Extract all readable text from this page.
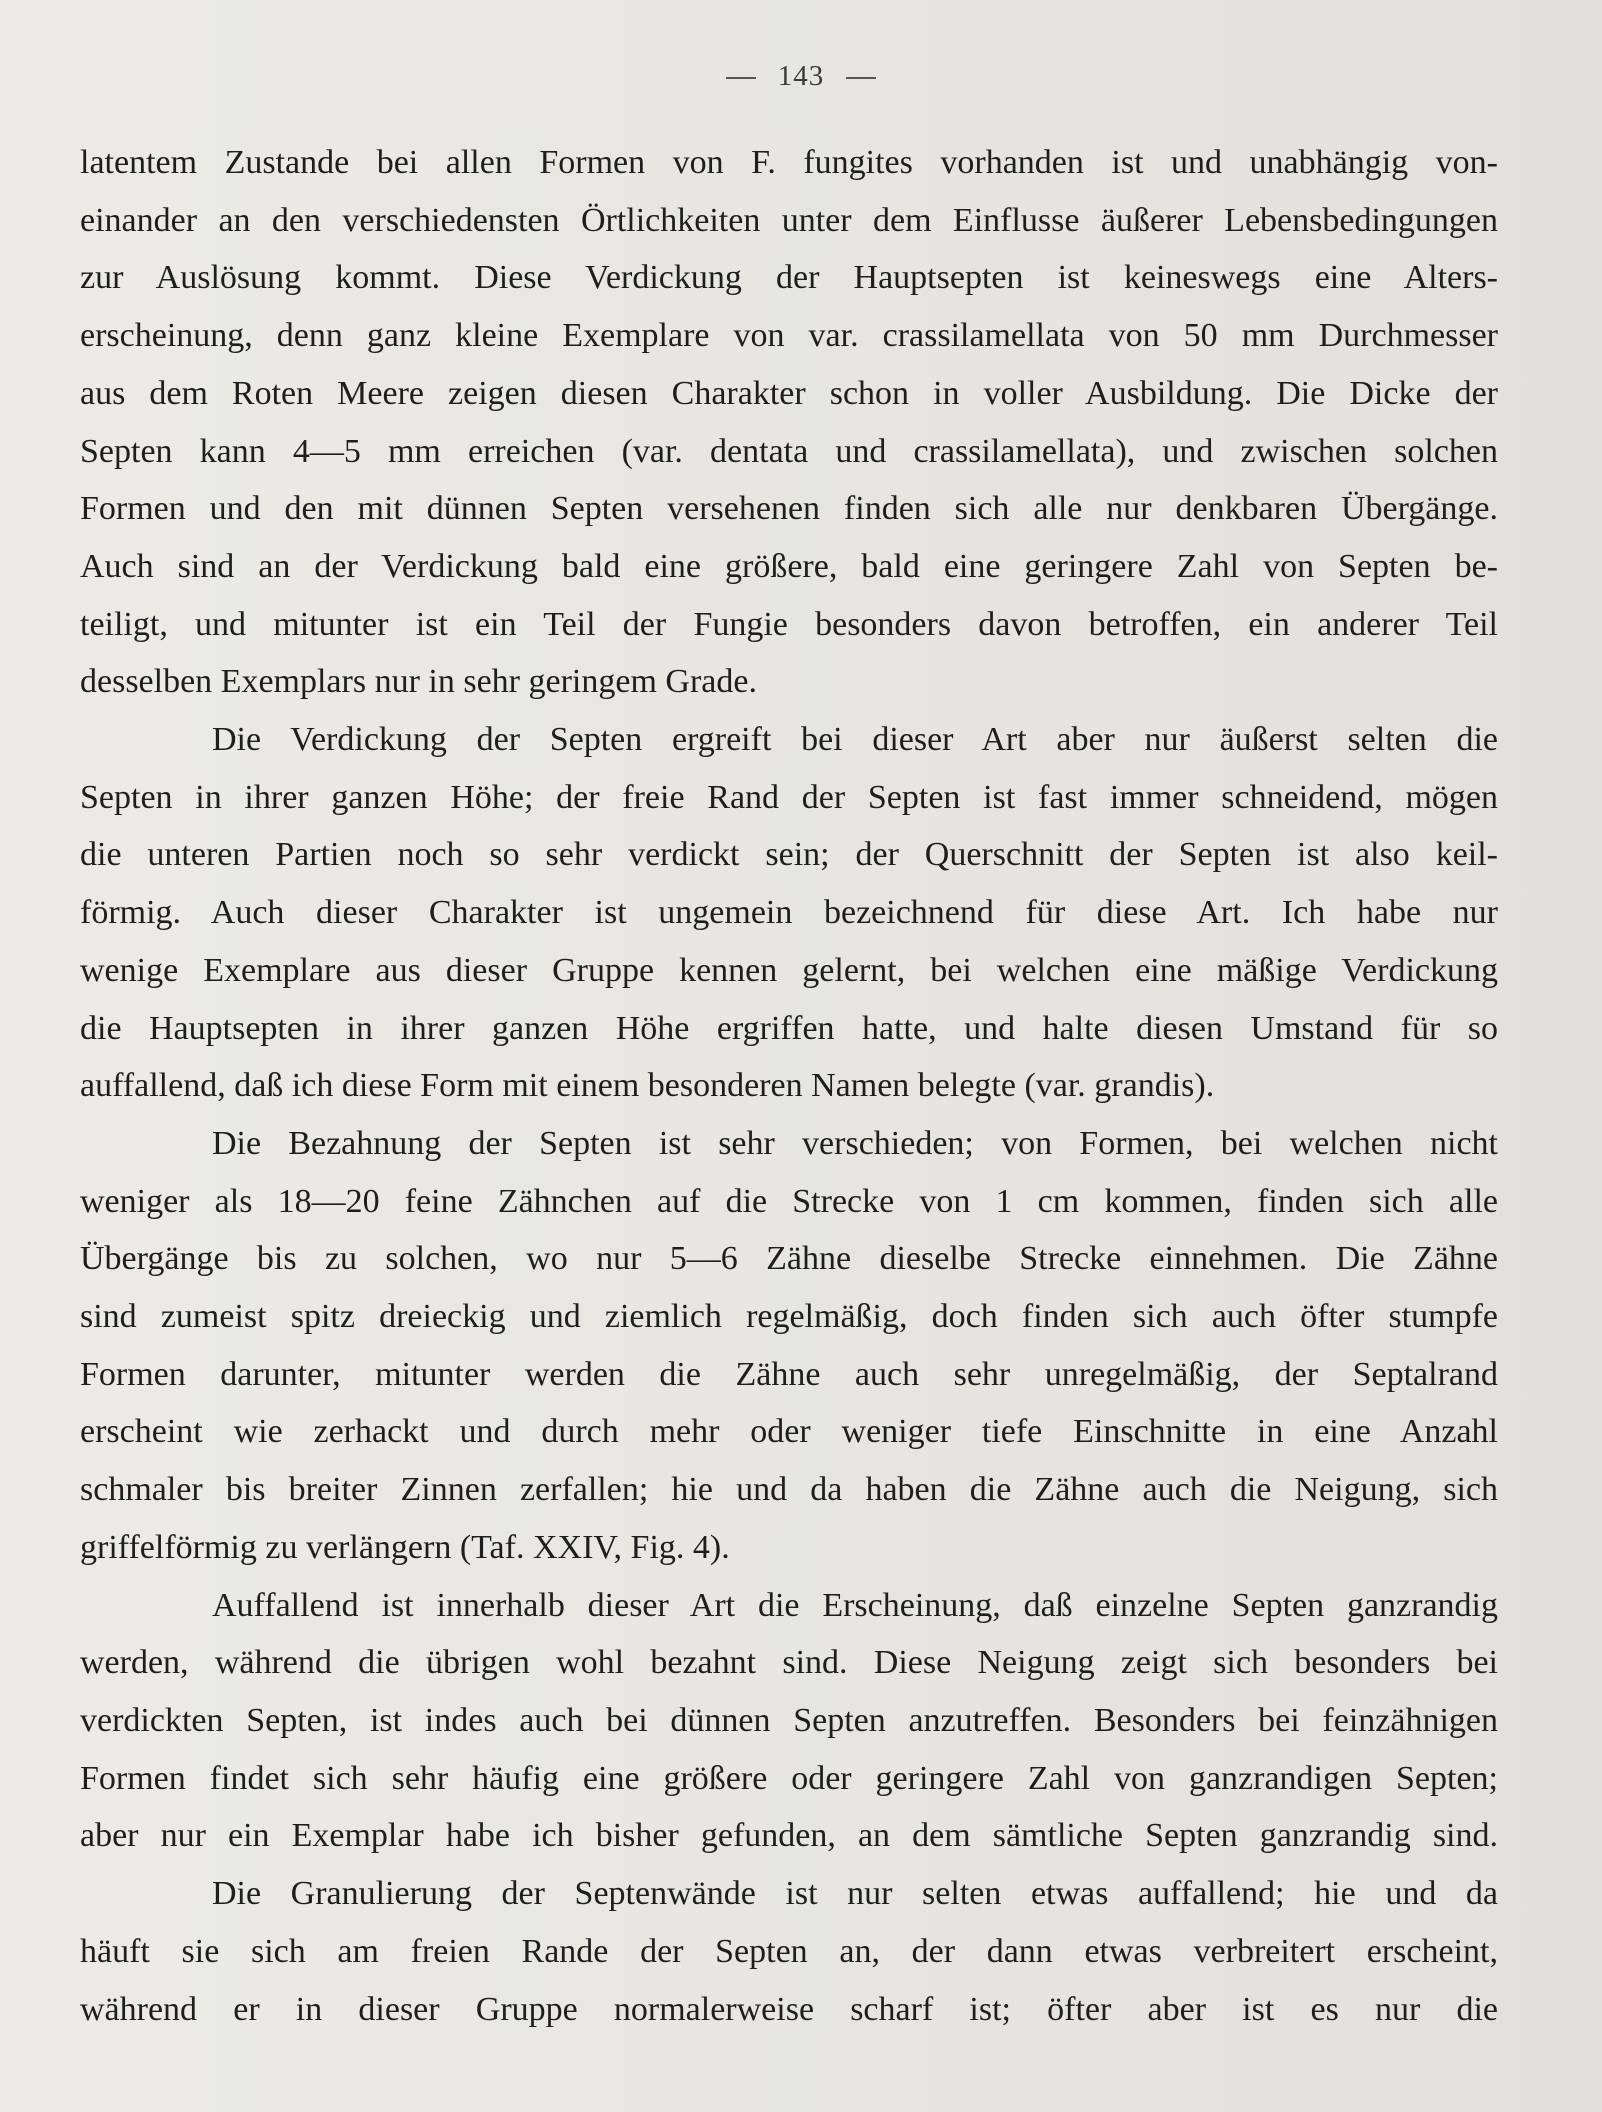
143
latentem Zustande bei allen Formen von F. fungites vorhanden ist und unabhängig von-
einander an den verschiedensten Örtlichkeiten unter dem Einflusse äußerer Lebensbedingungen
zur Auslösung kommt. Diese Verdickung der Hauptsepten ist keineswegs eine Alters-
erscheinung, denn ganz kleine Exemplare von var. crassilamellata von 50 mm Durchmesser
aus dem Roten Meere zeigen diesen Charakter schon in voller Ausbildung. Die Dicke der
Septen kann 4—5 mm erreichen (var. dentata und crassilamellata), und zwischen solchen
Formen und den mit dünnen Septen versehenen finden sich alle nur denkbaren Übergänge.
Auch sind an der Verdickung bald eine größere, bald eine geringere Zahl von Septen be-
teiligt, und mitunter ist ein Teil der Fungie besonders davon betroffen, ein anderer Teil
desselben Exemplars nur in sehr geringem Grade.
Die Verdickung der Septen ergreift bei dieser Art aber nur äußerst selten die
Septen in ihrer ganzen Höhe; der freie Rand der Septen ist fast immer schneidend, mögen
die unteren Partien noch so sehr verdickt sein; der Querschnitt der Septen ist also keil-
förmig. Auch dieser Charakter ist ungemein bezeichnend für diese Art. Ich habe nur
wenige Exemplare aus dieser Gruppe kennen gelernt, bei welchen eine mäßige Verdickung
die Hauptsepten in ihrer ganzen Höhe ergriffen hatte, und halte diesen Umstand für so
auffallend, daß ich diese Form mit einem besonderen Namen belegte (var. grandis).
Die Bezahnung der Septen ist sehr verschieden; von Formen, bei welchen nicht
weniger als 18—20 feine Zähnchen auf die Strecke von 1 cm kommen, finden sich alle
Übergänge bis zu solchen, wo nur 5—6 Zähne dieselbe Strecke einnehmen. Die Zähne
sind zumeist spitz dreieckig und ziemlich regelmäßig, doch finden sich auch öfter stumpfe
Formen darunter, mitunter werden die Zähne auch sehr unregelmäßig, der Septalrand
erscheint wie zerhackt und durch mehr oder weniger tiefe Einschnitte in eine Anzahl
schmaler bis breiter Zinnen zerfallen; hie und da haben die Zähne auch die Neigung, sich
griffelförmig zu verlängern (Taf. XXIV, Fig. 4).
Auffallend ist innerhalb dieser Art die Erscheinung, daß einzelne Septen ganzrandig
werden, während die übrigen wohl bezahnt sind. Diese Neigung zeigt sich besonders bei
verdickten Septen, ist indes auch bei dünnen Septen anzutreffen. Besonders bei feinzähnigen
Formen findet sich sehr häufig eine größere oder geringere Zahl von ganzrandigen Septen;
aber nur ein Exemplar habe ich bisher gefunden, an dem sämtliche Septen ganzrandig sind.
Die Granulierung der Septenwände ist nur selten etwas auffallend; hie und da
häuft sie sich am freien Rande der Septen an, der dann etwas verbreitert erscheint,
während er in dieser Gruppe normalerweise scharf ist; öfter aber ist es nur die
